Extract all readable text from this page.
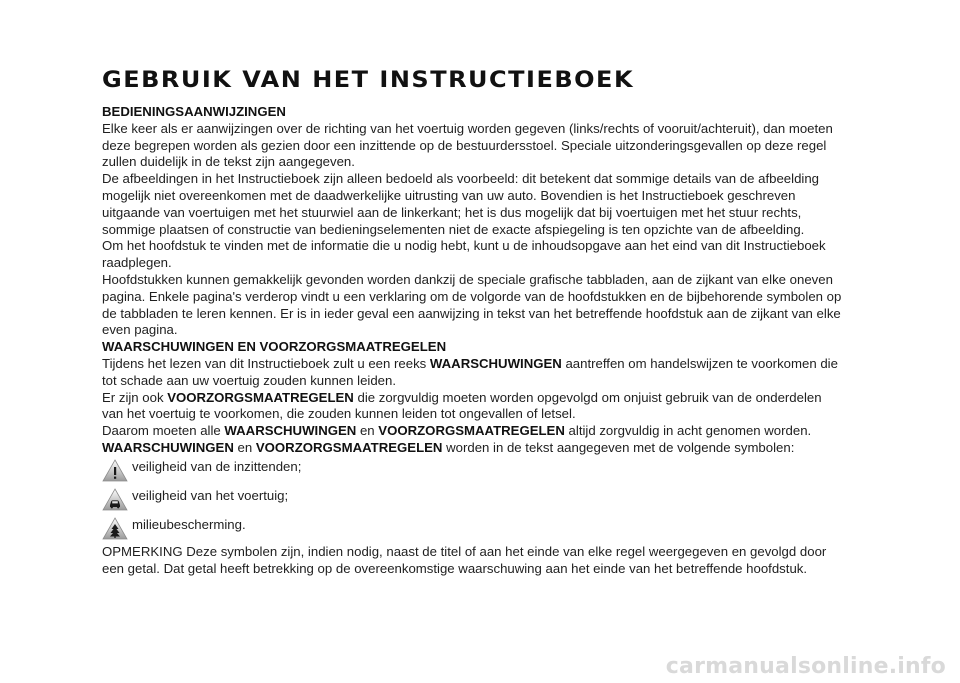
GEBRUIK VAN HET INSTRUCTIEBOEK
BEDIENINGSAANWIJZINGEN

Elke keer als er aanwijzingen over de richting van het voertuig worden gegeven (links/rechts of vooruit/achteruit), dan moeten deze begrepen worden als gezien door een inzittende op de bestuurdersstoel. Speciale uitzonderingsgevallen op deze regel zullen duidelijk in de tekst zijn aangegeven.

De afbeeldingen in het Instructieboek zijn alleen bedoeld als voorbeeld: dit betekent dat sommige details van de afbeelding mogelijk niet overeenkomen met de daadwerkelijke uitrusting van uw auto. Bovendien is het Instructieboek geschreven uitgaande van voertuigen met het stuurwiel aan de linkerkant; het is dus mogelijk dat bij voertuigen met het stuur rechts, sommige plaatsen of constructie van bedieningselementen niet de exacte afspiegeling is ten opzichte van de afbeelding.

Om het hoofdstuk te vinden met de informatie die u nodig hebt, kunt u de inhoudsopgave aan het eind van dit Instructieboek raadplegen.

Hoofdstukken kunnen gemakkelijk gevonden worden dankzij de speciale grafische tabbladen, aan de zijkant van elke oneven pagina. Enkele pagina's verderop vindt u een verklaring om de volgorde van de hoofdstukken en de bijbehorende symbolen op de tabbladen te leren kennen. Er is in ieder geval een aanwijzing in tekst van het betreffende hoofdstuk aan de zijkant van elke even pagina.

WAARSCHUWINGEN EN VOORZORGSMAATREGELEN

Tijdens het lezen van dit Instructieboek zult u een reeks WAARSCHUWINGEN aantreffen om handelswijzen te voorkomen die tot schade aan uw voertuig zouden kunnen leiden.

Er zijn ook VOORZORGSMAATREGELEN die zorgvuldig moeten worden opgevolgd om onjuist gebruik van de onderdelen van het voertuig te voorkomen, die zouden kunnen leiden tot ongevallen of letsel.

Daarom moeten alle WAARSCHUWINGEN en VOORZORGSMAATREGELEN altijd zorgvuldig in acht genomen worden.

WAARSCHUWINGEN en VOORZORGSMAATREGELEN worden in de tekst aangegeven met de volgende symbolen:

veiligheid van de inzittenden;
veiligheid van het voertuig;
milieubescherming.

OPMERKING Deze symbolen zijn, indien nodig, naast de titel of aan het einde van elke regel weergegeven en gevolgd door een getal. Dat getal heeft betrekking op de overeenkomstige waarschuwing aan het einde van het betreffende hoofdstuk.

carmanualsonline.info
